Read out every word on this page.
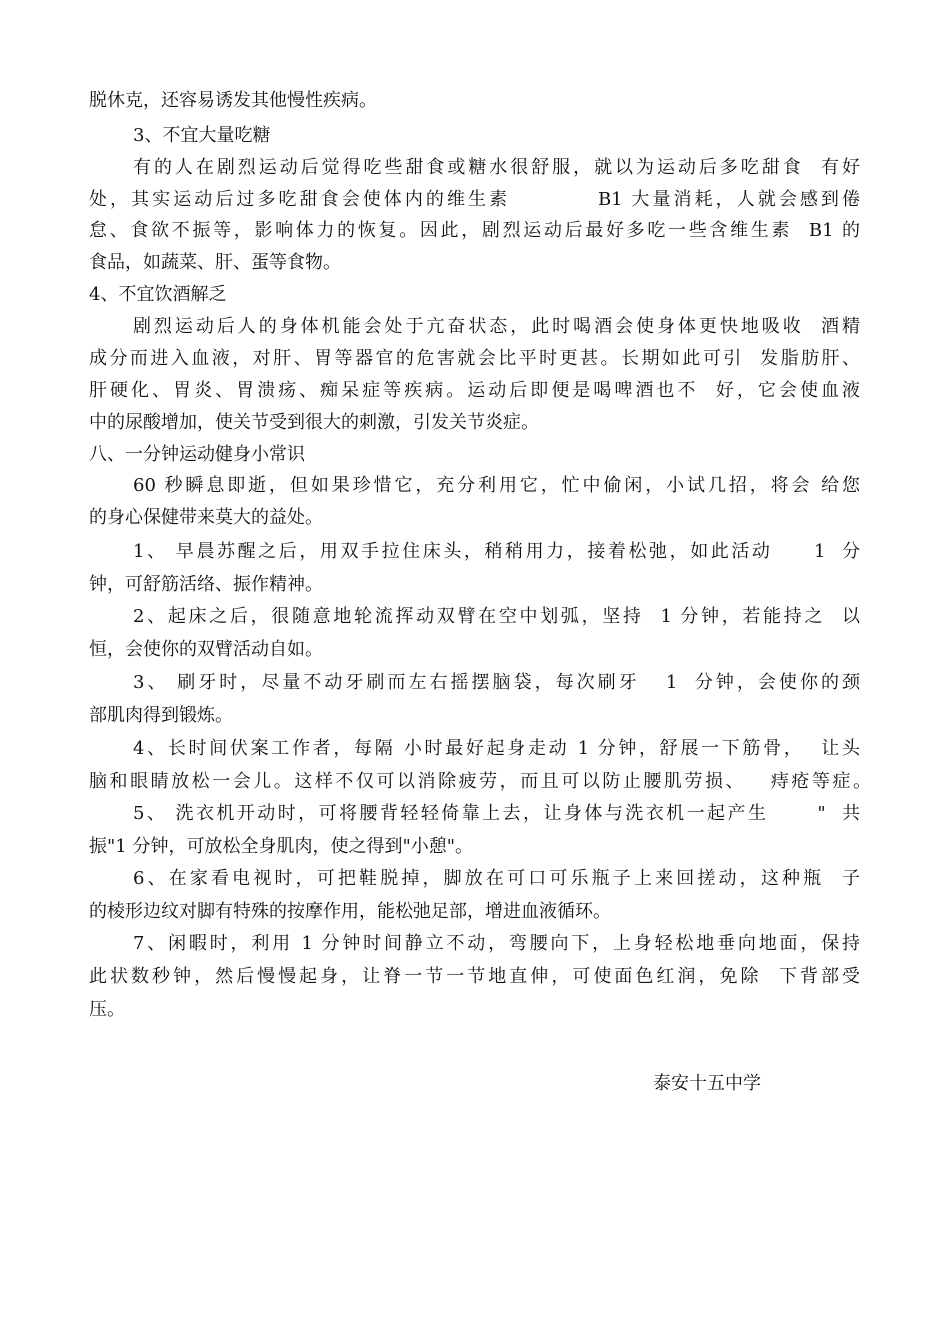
脱休克，还容易诱发其他慢性疾病。

3、不宜大量吃糖

有的人在剧烈运动后觉得吃些甜食或糖水很舒服，就以为运动后多吃甜食  有好

处，其实运动后过多吃甜食会使体内的维生素          B1 大量消耗，人就会感到倦

怠、食欲不振等，影响体力的恢复。因此，剧烈运动后最好多吃一些含维生素  B1 的

食品，如蔬菜、肝、蛋等食物。

4、不宜饮酒解乏

剧烈运动后人的身体机能会处于亢奋状态，此时喝酒会使身体更快地吸收  酒精

成分而进入血液，对肝、胃等器官的危害就会比平时更甚。长期如此可引  发脂肪肝、

肝硬化、胃炎、胃溃疡、痴呆症等疾病。运动后即便是喝啤酒也不  好，它会使血液

中的尿酸增加，使关节受到很大的刺激，引发关节炎症。

八、一分钟运动健身小常识

60 秒瞬息即逝，但如果珍惜它，充分利用它，忙中偷闲，小试几招，将会 给您

的身心保健带来莫大的益处。

1、 早晨苏醒之后，用双手拉住床头，稍稍用力，接着松弛，如此活动     1  分

钟，可舒筋活络、振作精神。

2、起床之后，很随意地轮流挥动双臂在空中划弧，坚持  1 分钟，若能持之  以

恒，会使你的双臂活动自如。

3、 刷牙时，尽量不动牙刷而左右摇摆脑袋，每次刷牙   1  分钟，会使你的颈

部肌肉得到锻炼。

4、长时间伏案工作者，每隔 小时最好起身走动 1 分钟，舒展一下筋骨，  让头

脑和眼睛放松一会儿。这样不仅可以消除疲劳，而且可以防止腰肌劳损、   痔疮等症。

5、 洗衣机开动时，可将腰背轻轻倚靠上去，让身体与洗衣机一起产生      "  共

振"1 分钟，可放松全身肌肉，使之得到"小憩"。

6、在家看电视时，可把鞋脱掉，脚放在可口可乐瓶子上来回搓动，这种瓶  子

的棱形边纹对脚有特殊的按摩作用，能松弛足部，增进血液循环。

7、闲暇时，利用 1 分钟时间静立不动，弯腰向下，上身轻松地垂向地面，保持

此状数秒钟，然后慢慢起身，让脊一节一节地直伸，可使面色红润，免除  下背部受

压。

泰安十五中学
